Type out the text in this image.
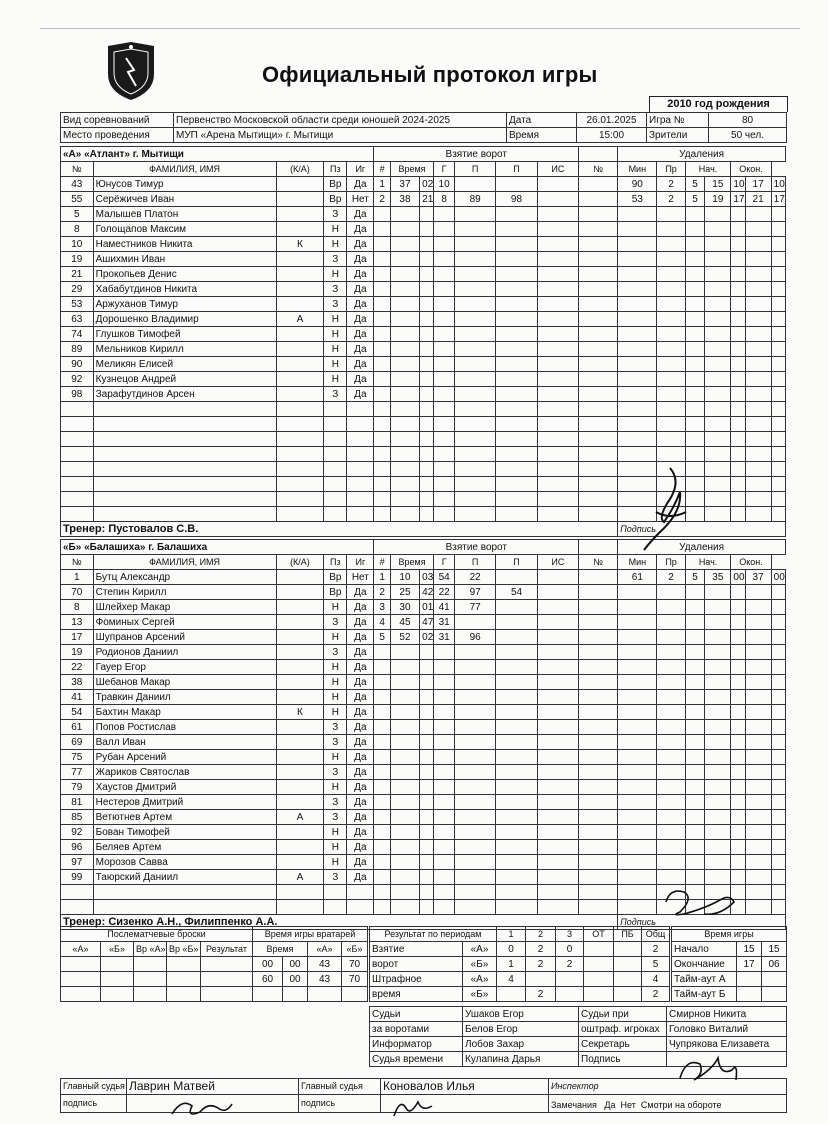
Официальный протокол игры
2010 год рождения
Вид соревнований	Первенство Московской области среди юношей 2024-2025	Дата	26.01.2025	Игра №	80
Место проведения	МУП «Арена Мытищи» г. Мытищи	Время	15:00	Зрители	50 чел.
«А» «Атлант» г. Мытищи					Взятие ворот								Удаления						
№	ФАМИЛИЯ, ИМЯ	(К/А)	Пз	Иг	#	Время		Г	П	П	ИС	№	Мин	Пр	Нач.		Окон.		
43	Юнусов Тимур		Вр	Да	1	37	02	10					90	2	5	15	10	17	10
55	Серёжичев Иван		Вр	Нет	2	38	21	8	89	98			53	2	5	19	17	21	17
5	Малышев Платон		З	Да															
8	Голощапов Максим		Н	Да															
10	Наместников Никита	К	Н	Да															
19	Ашихмин Иван		З	Да															
21	Прокопьев Денис		Н	Да															
29	Хабабутдинов Никита		З	Да															
53	Аржуханов Тимур		З	Да															
63	Дорошенко Владимир	А	Н	Да															
74	Глушков Тимофей		Н	Да															
89	Мельников Кирилл		Н	Да															
90	Меликян Елисей		Н	Да															
92	Кузнецов Андрей		Н	Да															
98	Зарафутдинов Арсен		З	Да															

Тренер: Пустовалов С.В.													Подпись						
«Б» «Балашиха» г. Балашиха					Взятие ворот								Удаления						
№	ФАМИЛИЯ, ИМЯ	(К/А)	Пз	Иг	#	Время		Г	П	П	ИС	№	Мин	Пр	Нач.		Окон.		
1	Бутц Александр		Вр	Нет	1	10	03	54	22				61	2	5	35	00	37	00
70	Степин Кирилл		Вр	Да	2	25	42	22	97	54									
8	Шлейхер Макар		Н	Да	3	30	01	41	77										
13	Фоминых Сергей		З	Да	4	45	47	31											
17	Шупранов Арсений		Н	Да	5	52	02	31	96										
19	Родионов Даниил		З	Да															
22	Гауер Егор		Н	Да															
38	Шебанов Макар		Н	Да															
41	Травкин Даниил		Н	Да															
54	Бахтин Макар	К	Н	Да															
61	Попов Ростислав		З	Да															
69	Валл Иван		З	Да															
75	Рубан Арсений		Н	Да															
77	Жариков Святослав		З	Да															
79	Хаустов Дмитрий		Н	Да															
81	Нестеров Дмитрий		З	Да															
85	Ветютнев Артем	А	З	Да															
92	Бован Тимофей		Н	Да															
96	Беляев Артем		Н	Да															
97	Морозов Савва		Н	Да															
99	Таюрский Даниил	А	З	Да															

Тренер: Сизенко А.Н., Филиппенко А.А.													Подпись						
Послематчевые броски					Время игры вратарей			
«А»	«Б»	Вр «А»	Вр «Б»	Результат	Время		«А»	«Б»
					00	00	43	70
					60	00	43	70

Результат по периодам		1	2	3	ОТ	ПБ	Общ
Взятие	«А»	0	2	0			2
ворот	«Б»	1	2	2			5
Штрафное	«А»	4					4
время	«Б»		2				2
Время игры		
Начало	15	15
Окончание	17	06
Тайм-аут А		
Тайм-аут Б		
Судьи	Ушаков Егор	Судьи при	Смирнов Никита
за воротами	Белов Егор	оштраф. игроках	Головко Виталий
Информатор	Лобов Захар	Секретарь	Чупрякова Елизавета
Судья времени	Кулапина Дарья	Подпись	
Главный судья	Лаврин Матвей	Главный судья	Коновалов Илья	Инспектор
подпись		подпись		Замечания Да Нет Смотри на обороте
